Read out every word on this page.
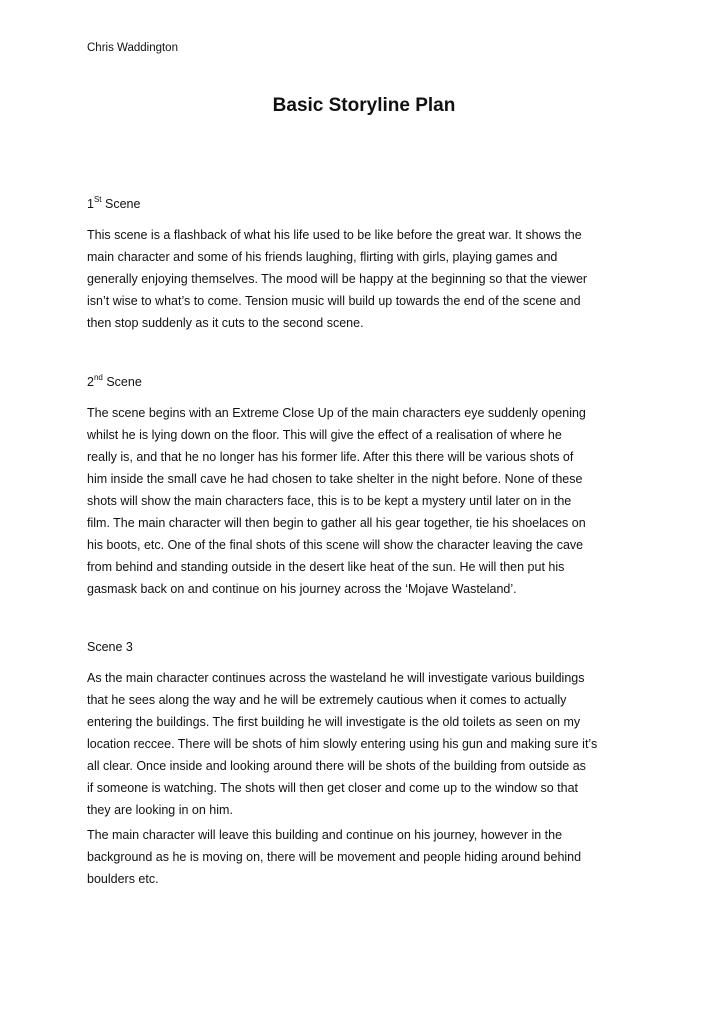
Chris Waddington
Basic Storyline Plan
1St Scene
This scene is a flashback of what his life used to be like before the great war. It shows the
main character and some of his friends laughing, flirting with girls, playing games and
generally enjoying themselves. The mood will be happy at the beginning so that the viewer
isn’t wise to what’s to come. Tension music will build up towards the end of the scene and
then stop suddenly as it cuts to the second scene.
2nd Scene
The scene begins with an Extreme Close Up of the main characters eye suddenly opening
whilst he is lying down on the floor. This will give the effect of a realisation of where he
really is, and that he no longer has his former life. After this there will be various shots of
him inside the small cave he had chosen to take shelter in the night before. None of these
shots will show the main characters face, this is to be kept a mystery until later on in the
film. The main character will then begin to gather all his gear together, tie his shoelaces on
his boots, etc. One of the final shots of this scene will show the character leaving the cave
from behind and standing outside in the desert like heat of the sun. He will then put his
gasmask back on and continue on his journey across the ‘Mojave Wasteland’.
Scene 3
As the main character continues across the wasteland he will investigate various buildings
that he sees along the way and he will be extremely cautious when it comes to actually
entering the buildings. The first building he will investigate is the old toilets as seen on my
location reccee. There will be shots of him slowly entering using his gun and making sure it’s
all clear. Once inside and looking around there will be shots of the building from outside as
if someone is watching. The shots will then get closer and come up to the window so that
they are looking in on him.
The main character will leave this building and continue on his journey, however in the
background as he is moving on, there will be movement and people hiding around behind
boulders etc.
